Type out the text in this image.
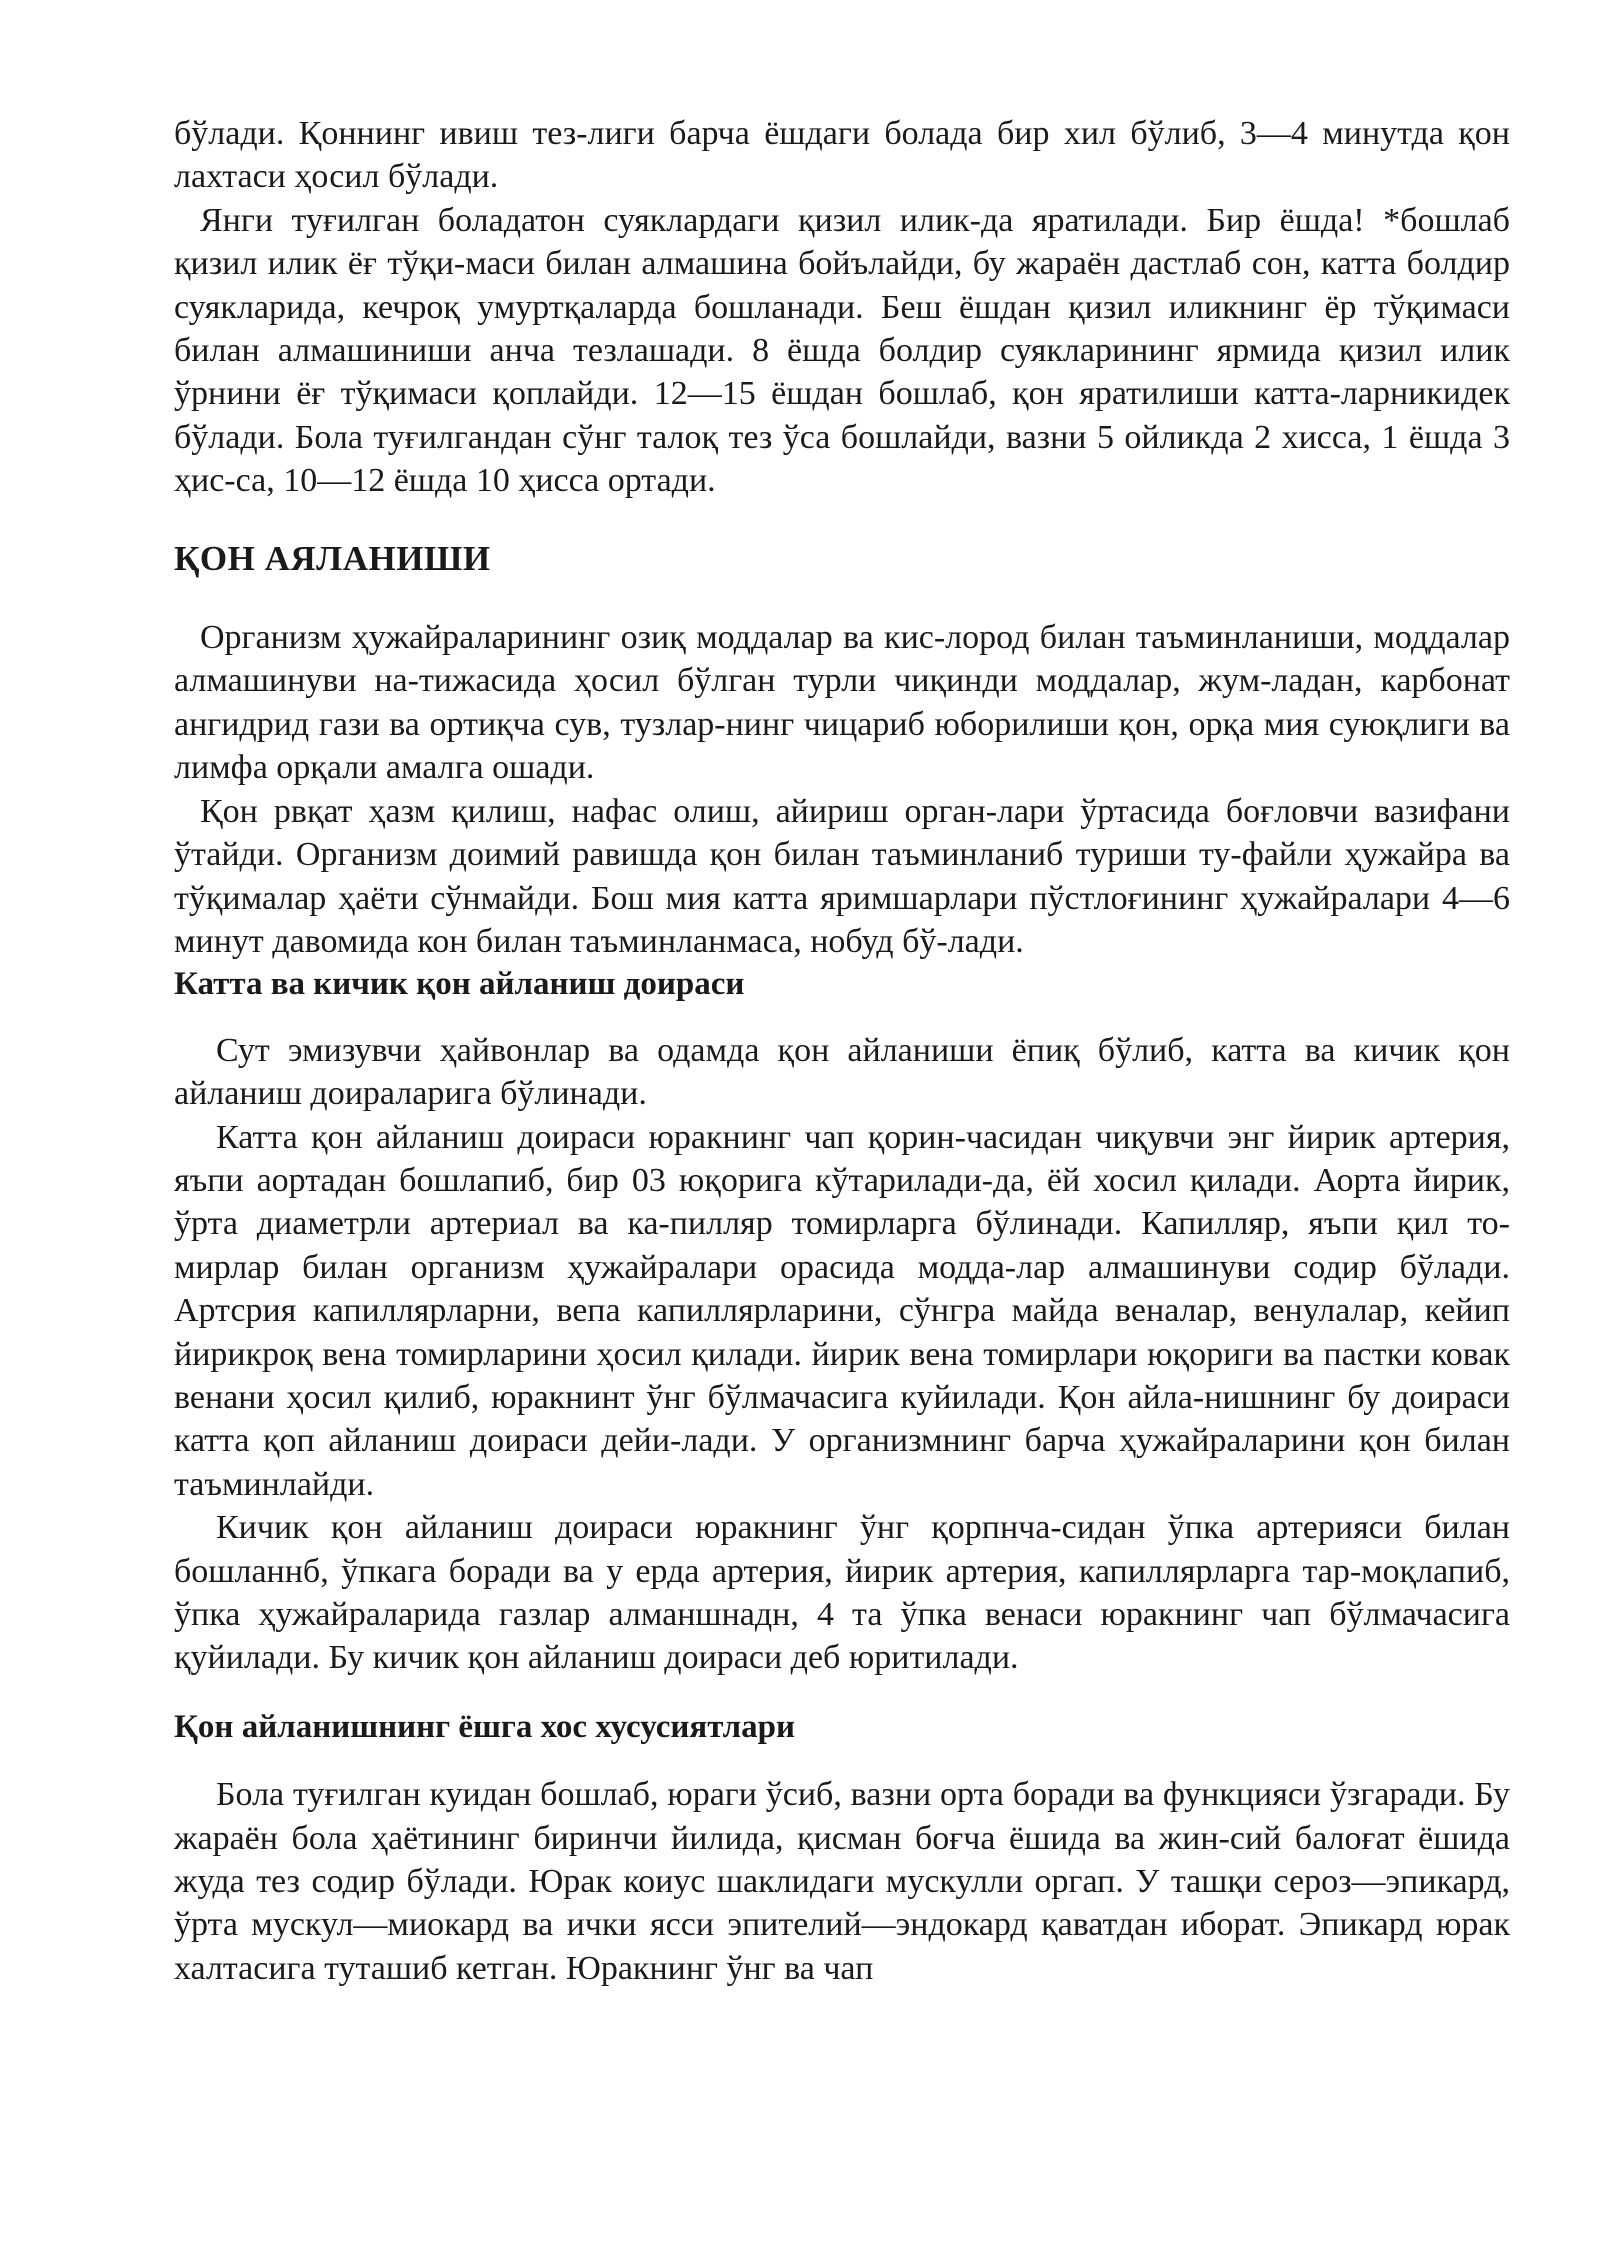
бўлади. Қоннинг ивиш тез-лиги барча ёшдаги болада бир хил бўлиб, 3—4 минутда қон лахтаси ҳосил бўлади.

Янги туғилган боладатон суяклардаги қизил илик-да яратилади. Бир ёшда! *бошлаб қизил илик ёғ тўқи-маси билан алмашина бойълайди, бу жараён дастлаб сон, катта болдир суякларида, кечроқ умуртқаларда бошланади. Беш ёшдан қизил иликнинг ёр тўқимаси билан алмашиниши анча тезлашади. 8 ёшда болдир суякларининг ярмида қизил илик ўрнини ёғ тўқимаси қоплайди. 12—15 ёшдан бошлаб, қон яратилиши катта-ларникидек бўлади. Бола туғилгандан сўнг талоқ тез ўса бошлайди, вазни 5 ойликда 2 хисса, 1 ёшда 3 ҳис-са, 10—12 ёшда 10 ҳисса ортади.

ҚОН АЯЛАНИШИ

Организм ҳужайраларининг озиқ моддалар ва кис-лород билан таъминланиши, моддалар алмашинуви на-тижасида ҳосил бўлган турли чиқинди моддалар, жум-ладан, карбонат ангидрид гази ва ортиқча сув, тузлар-нинг чицариб юборилиши қон, орқа мия суюқлиги ва лимфа орқали амалга ошади.

Қон рвқат ҳазм қилиш, нафас олиш, айириш орган-лари ўртасида боғловчи вазифани ўтайди. Организм доимий равишда қон билан таъминланиб туриши ту-файли ҳужайра ва тўқималар ҳаёти сўнмайди. Бош мия катта яримшарлари пўстлоғининг ҳужайралари 4—6 минут давомида кон билан таъминланмаса, нобуд бў-лади.

Катта ва кичик қон айланиш доираси

Сут эмизувчи ҳайвонлар ва одамда қон айланиши ёпиқ бўлиб, катта ва кичик қон айланиш доираларига бўлинади.

Катта қон айланиш доираси юракнинг чап қорин-часидан чиқувчи энг йирик артерия, яъпи аортадан бошлапиб, бир 03 юқорига кўтарилади-да, ёй хосил қилади. Аорта йирик, ўрта диаметрли артериал ва ка-пилляр томирларга бўлинади. Капилляр, яъпи қил то-мирлар билан организм ҳужайралари орасида модда-лар алмашинуви содир бўлади. Артсрия капиллярларни, вепа капиллярларини, сўнгра майда веналар, венулалар, кейип йирикроқ вена томирларини ҳосил қилади. йирик вена томирлари юқориги ва пастки ковак венани ҳосил қилиб, юракнинт ўнг бўлмачасига куйилади. Қон айла-нишнинг бу доираси катта қоп айланиш доираси дейи-лади. У организмнинг барча ҳужайраларини қон билан таъминлайди.

Кичик қон айланиш доираси юракнинг ўнг қорпнча-сидан ўпка артерияси билан бошланнб, ўпкага боради ва у ерда артерия, йирик артерия, капиллярларга тар-моқлапиб, ўпка ҳужайраларида газлар алманшнадн, 4 та ўпка венаси юракнинг чап бўлмачасига қуйилади. Бу кичик қон айланиш доираси деб юритилади.

Қон айланишнинг ёшга хос хусусиятлари

Бола туғилган куидан бошлаб, юраги ўсиб, вазни орта боради ва функцияси ўзгаради. Бу жараён бола ҳаётининг биринчи йилида, қисман боғча ёшида ва жин-сий балоғат ёшида жуда тез содир бўлади. Юрак коиус шаклидаги мускулли оргап. У ташқи сероз—эпикард, ўрта мускул—миокард ва ички ясси эпителий—эндокард қаватдан иборат. Эпикард юрак халтасига туташиб кетган. Юракнинг ўнг ва чап
